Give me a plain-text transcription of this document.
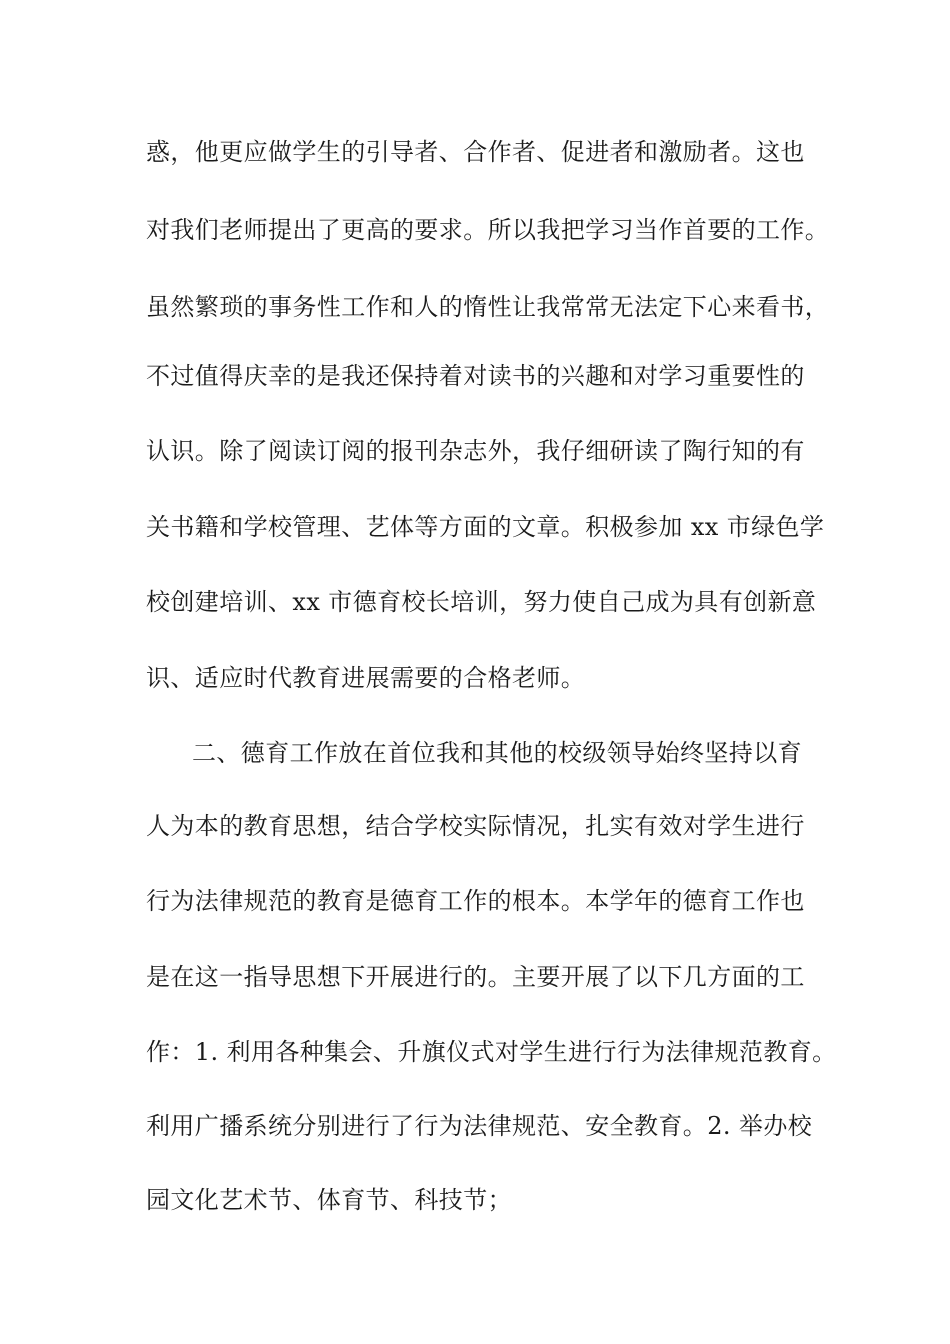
惑，他更应做学生的引导者、合作者、促进者和激励者。这也
对我们老师提出了更高的要求。所以我把学习当作首要的工作。
虽然繁琐的事务性工作和人的惰性让我常常无法定下心来看书，
不过值得庆幸的是我还保持着对读书的兴趣和对学习重要性的
认识。除了阅读订阅的报刊杂志外，我仔细研读了陶行知的有
关书籍和学校管理、艺体等方面的文章。积极参加 xx 市绿色学
校创建培训、xx 市德育校长培训，努力使自己成为具有创新意
识、适应时代教育进展需要的合格老师。
二、德育工作放在首位我和其他的校级领导始终坚持以育
人为本的教育思想，结合学校实际情况，扎实有效对学生进行
行为法律规范的教育是德育工作的根本。本学年的德育工作也
是在这一指导思想下开展进行的。主要开展了以下几方面的工
作：1. 利用各种集会、升旗仪式对学生进行行为法律规范教育。
利用广播系统分别进行了行为法律规范、安全教育。2. 举办校
园文化艺术节、体育节、科技节；
